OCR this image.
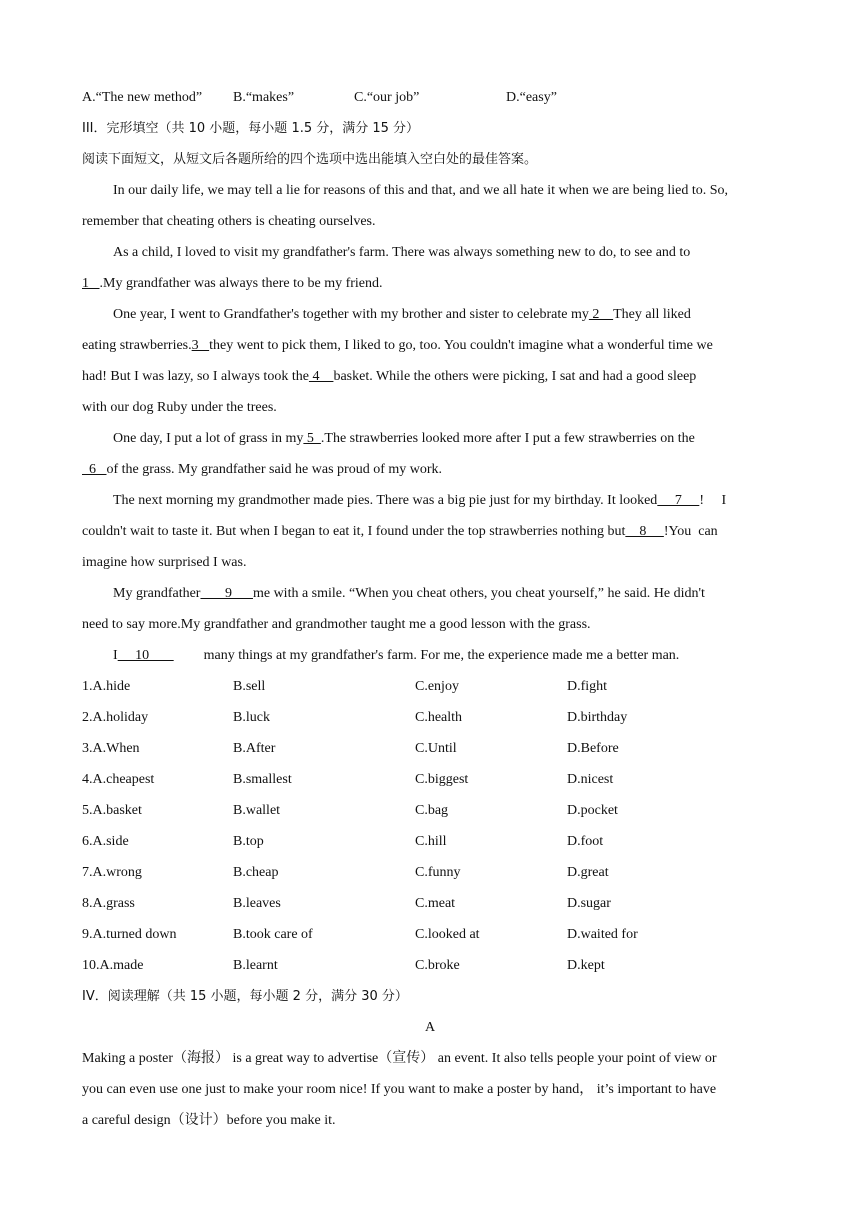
A.“The new method” B.“makes”	C.“our job”	D.“easy”
III．完形填空（共 10 小题，每小题 1.5 分，满分 15 分）
阅读下面短文，从短文后各题所给的四个选项中选出能填入空白处的最佳答案。
In our daily life, we may tell a lie for reasons of this and that, and we all hate it when we are being lied to. So,
remember that cheating others is cheating ourselves.
As a child, I loved to visit my grandfather's farm. There was always something new to do, to see and to
1   .My grandfather was always there to be my friend.
One year, I went to Grandfather's together with my brother and sister to celebrate my 2    They all liked
eating strawberries.3   they went to pick them, I liked to go, too. You couldn't imagine what a wonderful time we
had! But I was lazy, so I always took the 4    basket. While the others were picking, I sat and had a good sleep
with our dog Ruby under the trees.
One day, I put a lot of grass in my 5  .The strawberries looked more after I put a few strawberries on the
6   of the grass. My grandfather said he was proud of my work.
The next morning my grandmother made pies. There was a big pie just for my birthday. It looked     7     !     I
couldn't wait to taste it. But when I began to eat it, I found under the top strawberries nothing but    8     !You  can
imagine how surprised I was.
My grandfather       9      me with a smile. “When you cheat others, you cheat yourself,” he said. He didn't
need to say more.My grandfather and grandmother taught me a good lesson with the grass.
I     10       many things at my grandfather's farm. For me, the experience made me a better man.
1.A.hide	B.sell	C.enjoy	D.fight
2.A.holiday	B.luck	C.health	D.birthday
3.A.When	B.After	C.Until	D.Before
4.A.cheapest	B.smallest	C.biggest	D.nicest
5.A.basket	B.wallet	C.bag	D.pocket
6.A.side	B.top	C.hill	D.foot
7.A.wrong	B.cheap	C.funny	D.great
8.A.grass	B.leaves	C.meat	D.sugar
9.A.turned down	B.took care of	C.looked at	D.waited for
10.A.made	B.learnt	C.broke	D.kept
IV．阅读理解（共 15 小题，每小题 2 分，满分 30 分）
A
Making a poster（海报） is a great way to advertise（宣传） an event. It also tells people your point of view or
you can even use one just to make your room nice! If you want to make a poster by hand， it’s important to have
a careful design（设计）before you make it.
